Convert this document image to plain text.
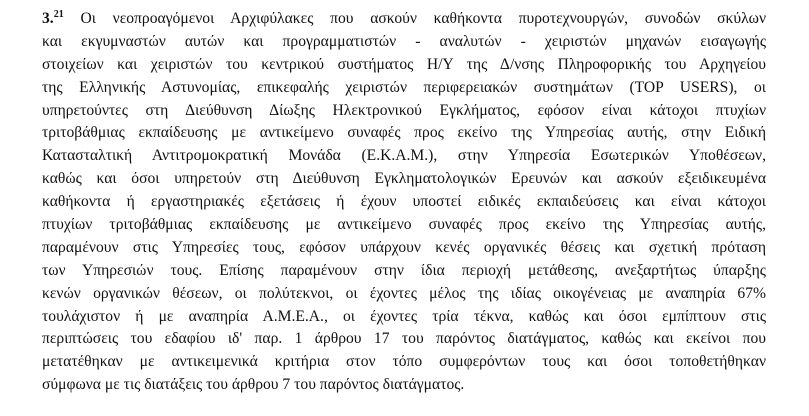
3.21 Οι νεοπροαγόμενοι Αρχιφύλακες που ασκούν καθήκοντα πυροτεχνουργών, συνοδών σκύλων
και εκγυμναστών αυτών και προγραμματιστών - αναλυτών - χειριστών μηχανών εισαγωγής
στοιχείων και χειριστών του κεντρικού συστήματος Η/Υ της Δ/νσης Πληροφορικής του Αρχηγείου
της Ελληνικής Αστυνομίας, επικεφαλής χειριστών περιφερειακών συστημάτων (TOP USERS), οι
υπηρετούντες στη Διεύθυνση Δίωξης Ηλεκτρονικού Εγκλήματος, εφόσον είναι κάτοχοι πτυχίων
τριτοβάθμιας εκπαίδευσης με αντικείμενο συναφές προς εκείνο της Υπηρεσίας αυτής, στην Ειδική
Κατασταλτική Αντιτρομοκρατική Μονάδα (Ε.Κ.Α.Μ.), στην Υπηρεσία Εσωτερικών Υποθέσεων,
καθώς και όσοι υπηρετούν στη Διεύθυνση Εγκληματολογικών Ερευνών και ασκούν εξειδικευμένα
καθήκοντα ή εργαστηριακές εξετάσεις ή έχουν υποστεί ειδικές εκπαιδεύσεις και είναι κάτοχοι
πτυχίων τριτοβάθμιας εκπαίδευσης με αντικείμενο συναφές προς εκείνο της Υπηρεσίας αυτής,
παραμένουν στις Υπηρεσίες τους, εφόσον υπάρχουν κενές οργανικές θέσεις και σχετική πρόταση
των Υπηρεσιών τους. Επίσης παραμένουν στην ίδια περιοχή μετάθεσης, ανεξαρτήτως ύπαρξης
κενών οργανικών θέσεων, οι πολύτεκνοι, οι έχοντες μέλος της ιδίας οικογένειας με αναπηρία 67%
τουλάχιστον ή με αναπηρία Α.Μ.Ε.Α., οι έχοντες τρία τέκνα, καθώς και όσοι εμπίπτουν στις
περιπτώσεις του εδαφίου ιδ' παρ. 1 άρθρου 17 του παρόντος διατάγματος, καθώς και εκείνοι που
μετατέθηκαν με αντικειμενικά κριτήρια στον τόπο συμφερόντων τους και όσοι τοποθετήθηκαν
σύμφωνα με τις διατάξεις του άρθρου 7 του παρόντος διατάγματος.
